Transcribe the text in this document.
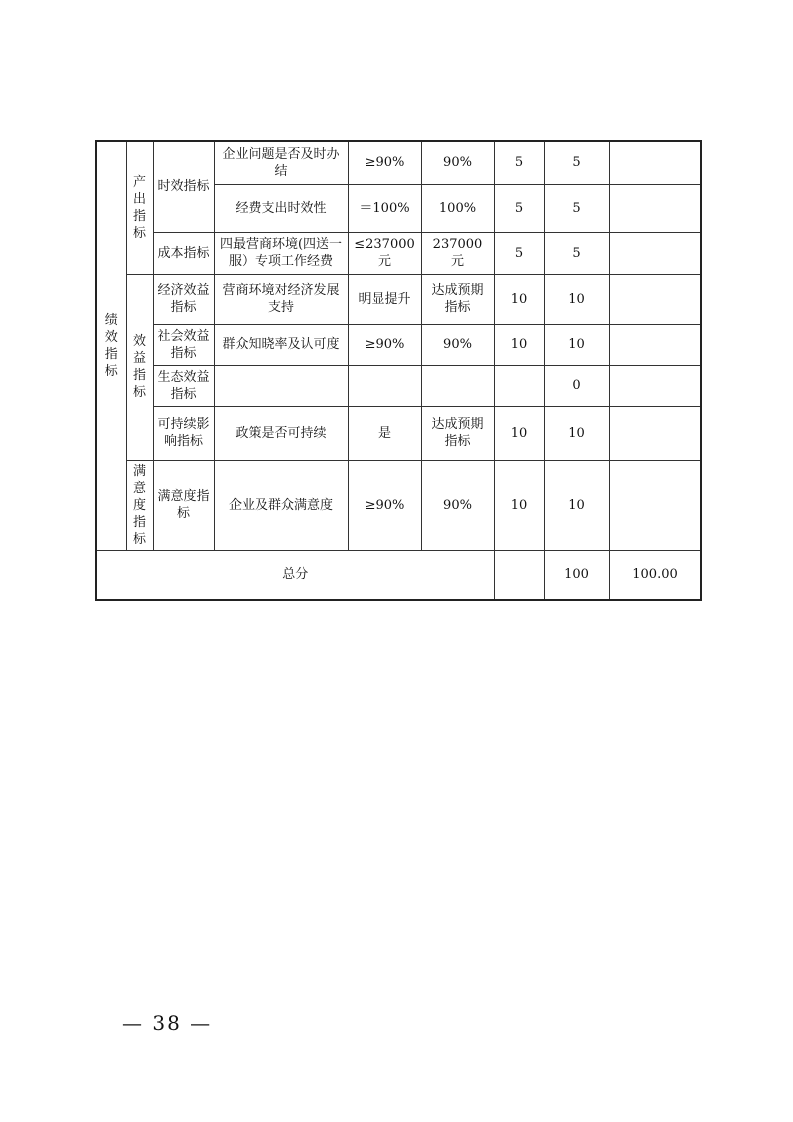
绩效指标	产出指标	时效指标	企业问题是否及时办结	≥90%	90%	5	5		
			经费支出时效性	＝100%	100%	5	5		
		成本指标	四最营商环境(四送一服）专项工作经费	≤237000元	237000 元	5	5		
	效益指标	经济效益指标	营商环境对经济发展支持	明显提升	达成预期指标	10	10		
		社会效益指标	群众知晓率及认可度	≥90%	90%	10	10		
		生态效益指标					0		
		可持续影响指标	政策是否可持续	是	达成预期指标	10	10		
	满意度指标	满意度指标	企业及群众满意度	≥90%	90%	10	10		
总分							100	100.00	
— 38 —
